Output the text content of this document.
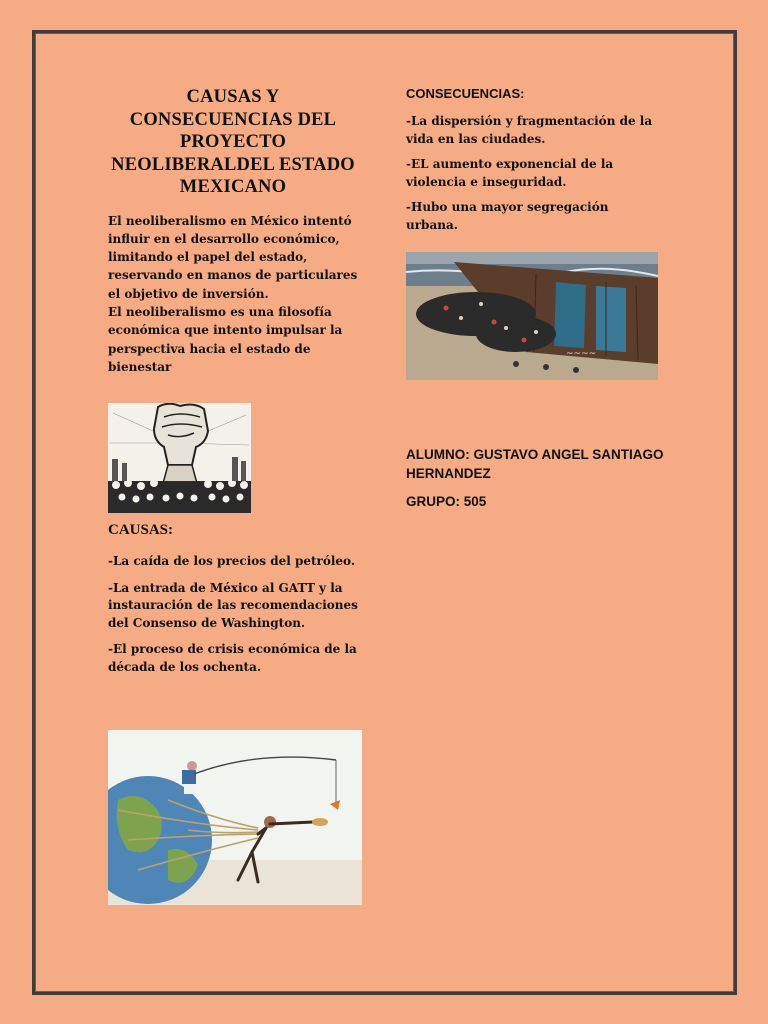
CAUSAS Y CONSECUENCIAS DEL PROYECTO NEOLIBERALDEL ESTADO MEXICANO

El neoliberalismo en México intentó influir en el desarrollo económico, limitando el papel del estado, reservando en manos de particulares el objetivo de inversión.

El neoliberalismo es una filosofía económica que intento impulsar la perspectiva hacia el estado de bienestar

CAUSAS:

-La caída de los precios del petróleo.

-La entrada de México al GATT y la instauración de las recomendaciones del Consenso de Washington.

-El proceso de crisis económica de la década de los ochenta.

CONSECUENCIAS:

-La dispersión y fragmentación de la vida en las ciudades.

-EL aumento exponencial de la violencia e inseguridad.

-Hubo una mayor segregación urbana.

~~~~

ALUMNO: GUSTAVO ANGEL SANTIAGO HERNANDEZ

GRUPO: 505
